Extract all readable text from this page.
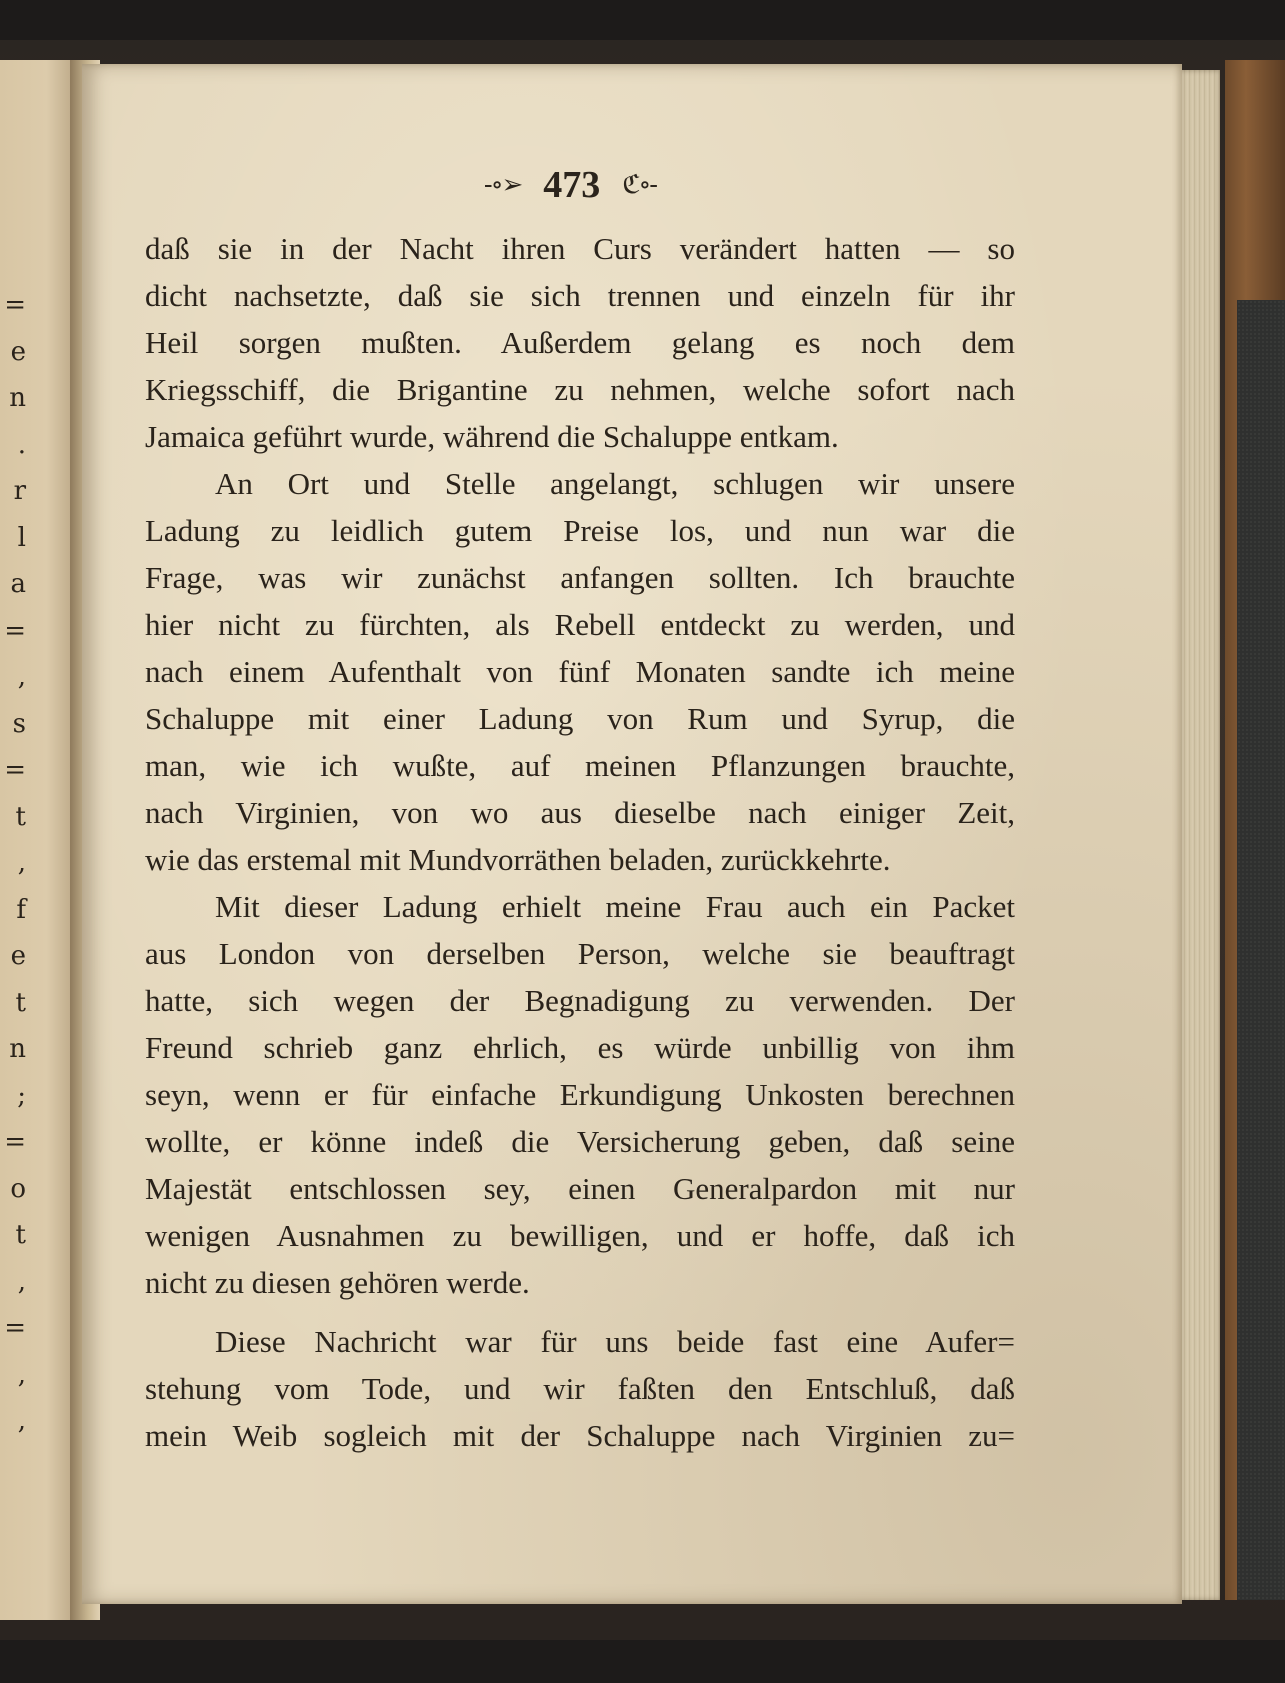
=
e
n
.
r
l
a
=
,
s
=
t
,
f
e
t
n
;
=
o
t
,
=
,
,
-∘➢ 473 ℭ∘-
daß sie in der Nacht ihren Curs verändert hatten — so
dicht nachsetzte, daß sie sich trennen und einzeln für ihr
Heil sorgen mußten. Außerdem gelang es noch dem
Kriegsschiff, die Brigantine zu nehmen, welche sofort nach
Jamaica geführt wurde, während die Schaluppe entkam.
An Ort und Stelle angelangt, schlugen wir unsere
Ladung zu leidlich gutem Preise los, und nun war die
Frage, was wir zunächst anfangen sollten. Ich brauchte
hier nicht zu fürchten, als Rebell entdeckt zu werden, und
nach einem Aufenthalt von fünf Monaten sandte ich meine
Schaluppe mit einer Ladung von Rum und Syrup, die
man, wie ich wußte, auf meinen Pflanzungen brauchte,
nach Virginien, von wo aus dieselbe nach einiger Zeit,
wie das erstemal mit Mundvorräthen beladen, zurückkehrte.
Mit dieser Ladung erhielt meine Frau auch ein Packet
aus London von derselben Person, welche sie beauftragt
hatte, sich wegen der Begnadigung zu verwenden. Der
Freund schrieb ganz ehrlich, es würde unbillig von ihm
seyn, wenn er für einfache Erkundigung Unkosten berechnen
wollte, er könne indeß die Versicherung geben, daß seine
Majestät entschlossen sey, einen Generalpardon mit nur
wenigen Ausnahmen zu bewilligen, und er hoffe, daß ich
nicht zu diesen gehören werde.
Diese Nachricht war für uns beide fast eine Aufer=
stehung vom Tode, und wir faßten den Entschluß, daß
mein Weib sogleich mit der Schaluppe nach Virginien zu=
